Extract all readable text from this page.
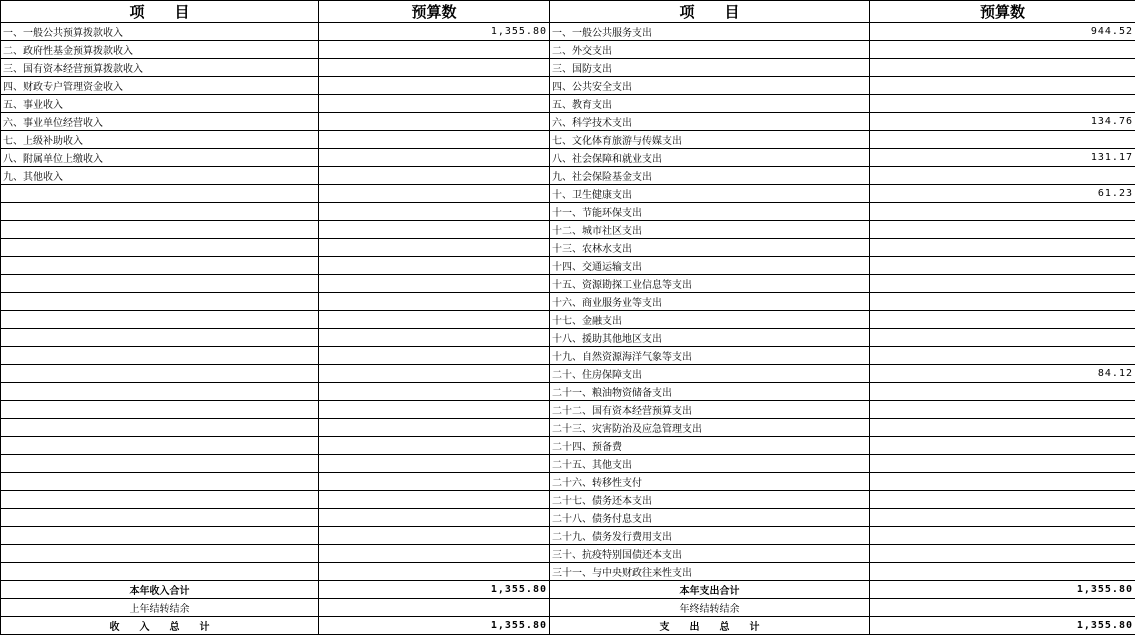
项　　目	预算数	项　　目	预算数
一、一般公共预算拨款收入	1,355.80	一、一般公共服务支出	944.52
二、政府性基金预算拨款收入		二、外交支出	
三、国有资本经营预算拨款收入		三、国防支出	
四、财政专户管理资金收入		四、公共安全支出	
五、事业收入		五、教育支出	
六、事业单位经营收入		六、科学技术支出	134.76
七、上级补助收入		七、文化体育旅游与传媒支出	
八、附属单位上缴收入		八、社会保障和就业支出	131.17
九、其他收入		九、社会保险基金支出	
		十、卫生健康支出	61.23
		十一、节能环保支出	
		十二、城市社区支出	
		十三、农林水支出	
		十四、交通运输支出	
		十五、资源勘探工业信息等支出	
		十六、商业服务业等支出	
		十七、金融支出	
		十八、援助其他地区支出	
		十九、自然资源海洋气象等支出	
		二十、住房保障支出	84.12
		二十一、粮油物资储备支出	
		二十二、国有资本经营预算支出	
		二十三、灾害防治及应急管理支出	
		二十四、预备费	
		二十五、其他支出	
		二十六、转移性支付	
		二十七、债务还本支出	
		二十八、债务付息支出	
		二十九、债务发行费用支出	
		三十、抗疫特别国债还本支出	
		三十一、与中央财政往来性支出	
本年收入合计	1,355.80	本年支出合计	1,355.80
上年结转结余		年终结转结余	
收　　入　　总　　计	1,355.80	支　　出　　总　　计	1,355.80
